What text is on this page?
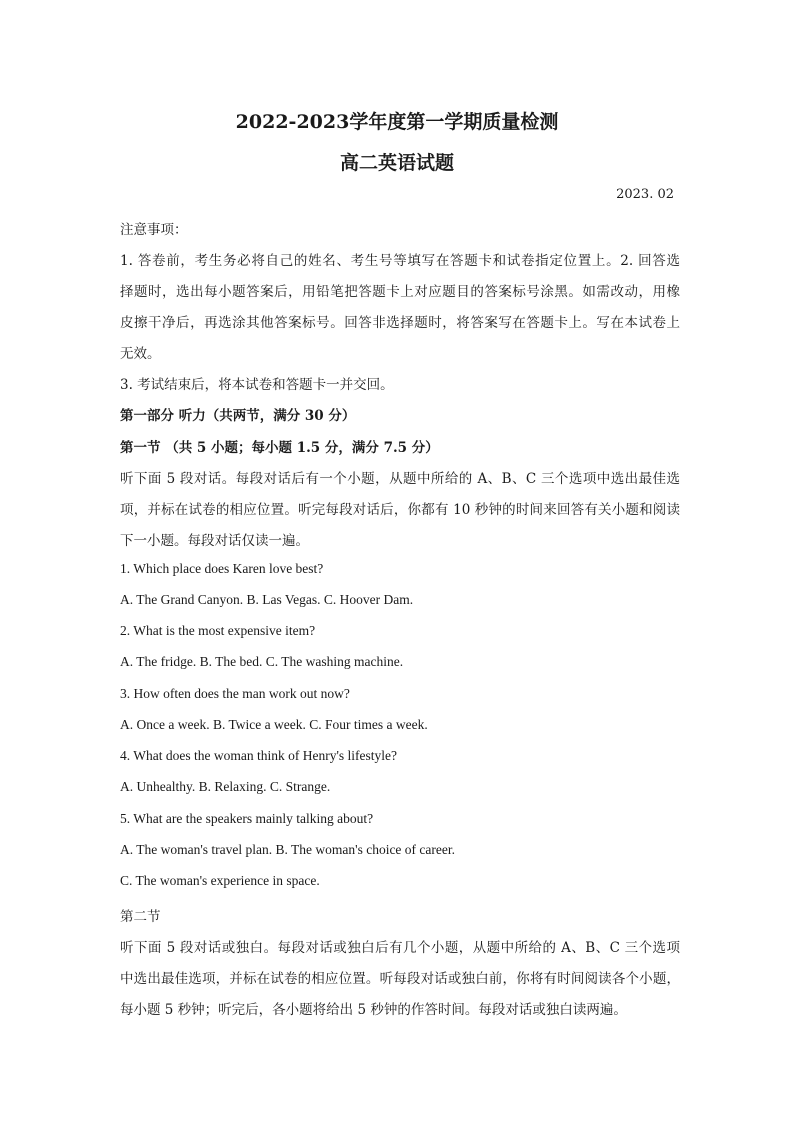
2022-2023学年度第一学期质量检测
高二英语试题
2023. 02
注意事项：
1. 答卷前，考生务必将自己的姓名、考生号等填写在答题卡和试卷指定位置上。2. 回答选
择题时，选出每小题答案后，用铅笔把答题卡上对应题目的答案标号涂黑。如需改动，用橡
皮擦干净后，再选涂其他答案标号。回答非选择题时，将答案写在答题卡上。写在本试卷上
无效。
3. 考试结束后，将本试卷和答题卡一并交回。
第一部分 听力（共两节，满分 30 分）
第一节 （共 5 小题；每小题 1.5 分，满分 7.5 分）
听下面 5 段对话。每段对话后有一个小题，从题中所给的 A、B、C 三个选项中选出最佳选
项，并标在试卷的相应位置。听完每段对话后，你都有 10 秒钟的时间来回答有关小题和阅读
下一小题。每段对话仅读一遍。
1. Which place does Karen love best?
A. The Grand Canyon. B. Las Vegas. C. Hoover Dam.
2. What is the most expensive item?
A. The fridge. B. The bed. C. The washing machine.
3. How often does the man work out now?
A. Once a week. B. Twice a week. C. Four times a week.
4. What does the woman think of Henry's lifestyle?
A. Unhealthy. B. Relaxing. C. Strange.
5. What are the speakers mainly talking about?
A. The woman's travel plan. B. The woman's choice of career.
C. The woman's experience in space.
第二节
听下面 5 段对话或独白。每段对话或独白后有几个小题，从题中所给的 A、B、C 三个选项
中选出最佳选项，并标在试卷的相应位置。听每段对话或独白前，你将有时间阅读各个小题，
每小题 5 秒钟；听完后，各小题将给出 5 秒钟的作答时间。每段对话或独白读两遍。
